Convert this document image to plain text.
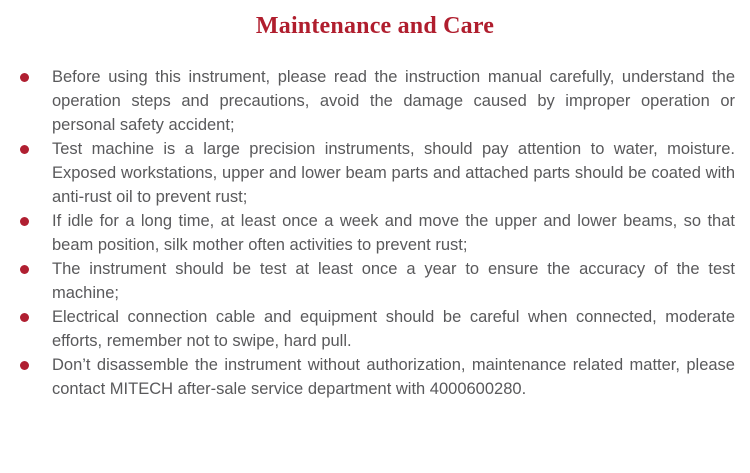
Maintenance and Care
Before using this instrument, please read the instruction manual carefully, understand the operation steps and precautions, avoid the damage caused by improper operation or personal safety accident;
Test machine is a large precision instruments, should pay attention to water, moisture. Exposed workstations, upper and lower beam parts and attached parts should be coated with anti-rust oil to prevent rust;
If idle for a long time, at least once a week and move the upper and lower beams, so that beam position, silk mother often activities to prevent rust;
The instrument should be test at least once a year to ensure the accuracy of the test machine;
Electrical connection cable and equipment should be careful when connected, moderate efforts, remember not to swipe, hard pull.
Don’t disassemble the instrument without authorization, maintenance related matter, please contact MITECH after-sale service department with 4000600280.
